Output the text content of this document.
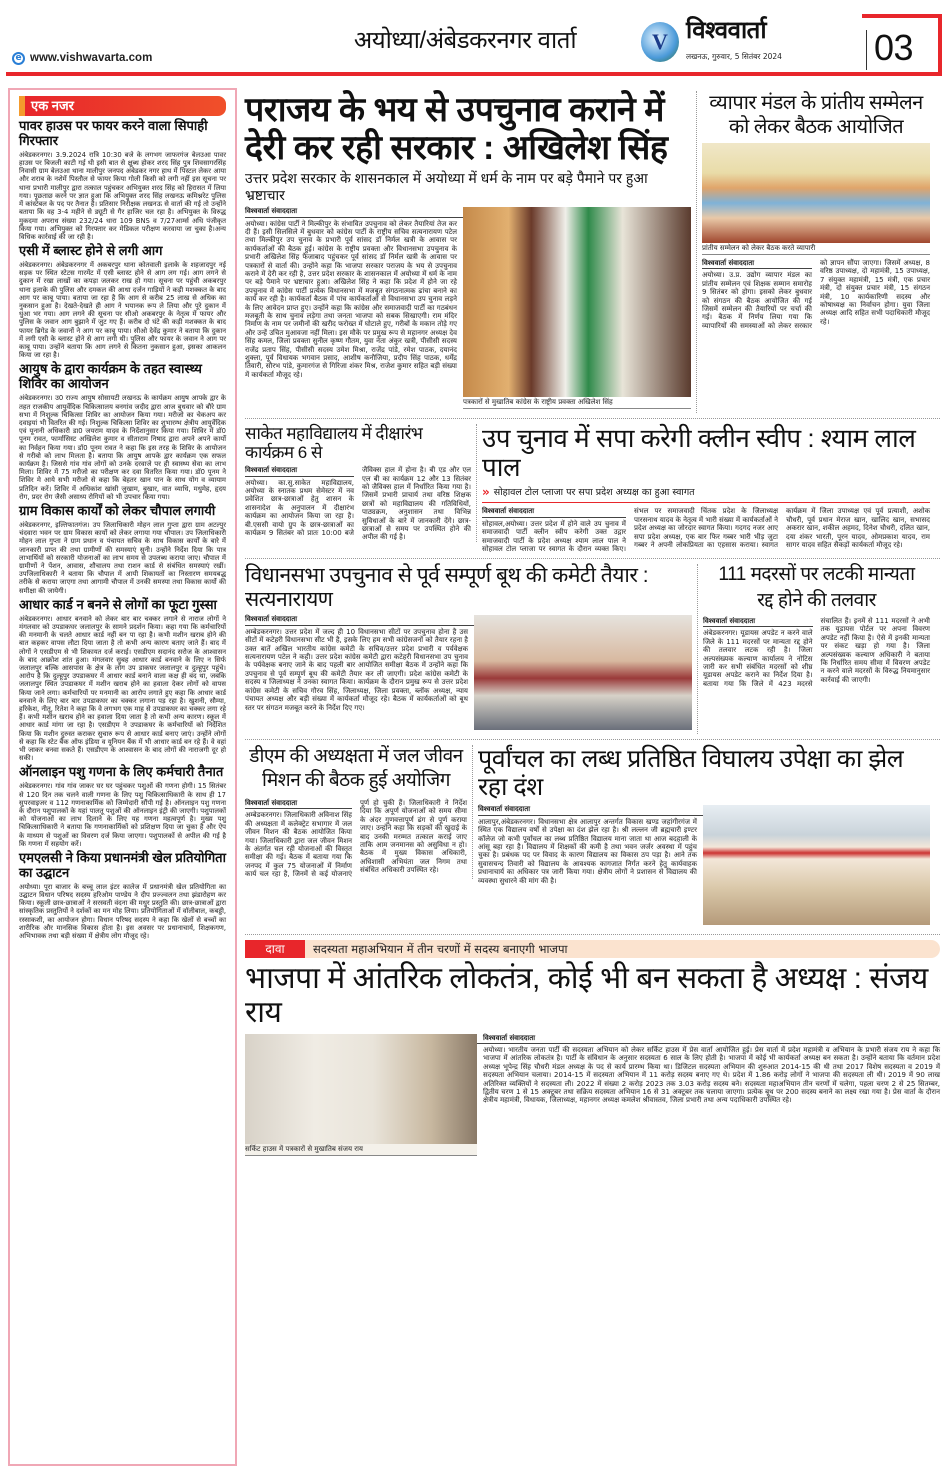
e www.vishwavarta.com
अयोध्या/अंबेडकरनगर वार्ता	V विश्ववार्ता
लखनऊ, गुरुवार, 5 सितंबर 2024	03
एक नजर
पावर हाउस पर फायर करने वाला सिपाही गिरफ्तार
अंबेडकरनगर। 3.9.2024 रात्रि 10:30 बजे के लगभग जाफरगंज बेलउआ पावर हाउस पर बिजली काटी गई थी इसी बात से क्षुब्ध होकर शरद सिंह पुत्र शिवसागरसिंह निवासी ग्राम बेलउआ थाना मालीपुर जनपद अंबेडकर नगर हाथ में पिस्टल लेकर आया और शराब के नशेमें पिस्तौल से फायर किया गोली किसी को लगी नहीं इस सूचना पर थाना प्रभारी मालीपुर द्वारा तत्काल पहुंचकर अभियुक्त शरद सिंह को हिरासत में लिया गया। पूछताछ करने पर ज्ञात हुआ कि अभियुक्त शरद सिंह लखनऊ कमिश्नरेट पुलिस में कांस्टेबल के पद पर तैनात है। प्रतिसार निरीक्षक लखनऊ से वार्ता की गई तो उन्होंने बताया कि वह 3-4 महीने से ड्यूटी से गैर हाजिर चल रहा है। अभियुक्त के विरुद्ध मुकदमा अपराध संख्या 232/24 धारा 109 BNS व 7/27आर्म्स अधि पंजीकृत किया गया। अभियुक्त को गिरफ्तार कर मेडिकल परीक्षण करवाया जा चुका है।अन्य विधिक कार्रवाई की जा रही है।
एसी में ब्लास्ट होने से लगी आग
अंबेडकरनगर। अंबेडकरनगर में अकबरपुर थाना कोतवाली इलाके के शहजादपुर नई सड़क पर स्थित स्टेटस गारमेंट में एसी ब्लास्ट होने से आग लग गई। आग लगने से दुकान में रखा लाखों का कपड़ा जलकर राख हो गया। सूचना पर पहुंची अकबरपुर थाना इलाके की पुलिस और दमकल की आधा दर्जन गाड़ियों ने कड़ी मशक्कत के बाद आग पर काबू पाया। बताया जा रहा है कि आग से करीब 25 लाख से अधिक का नुकसान हुआ है। देखते-देखते ही आग ने भयानक रूप ले लिया और पूरे दुकान में धुंआ भर गया। आग लगने की सूचना पर सीओ अकबरपुर के नेतृत्व में फायर और पुलिस के जवान आग बुझाने में जुट गए हैं। करीब दो घंटे की कड़ी मशक्कत के बाद फायर ब्रिगेड के जवानों ने आग पर काबू पाया। सीओ देवेंद्र कुमार ने बताया कि दुकान में लगी एसी के ब्लास्ट होने से आग लगी थी। पुलिस और फायर के जवान ने आग पर काबू पाया। उन्होंने बताया कि आग लगने से कितना नुकसान हुआ, इसका आकलन किया जा रहा है।
आयुष के द्वारा कार्यक्रम के तहत स्वास्थ्य शिविर का आयोजन
अंबेडकरनगर। उ0 राज्य आयुष सोसायटी लखनऊ के कार्यक्रम आयुष आपके द्वार के तहत राजकीय आयुर्वेदिक चिकित्सालय बनगांव जदीद द्वारा आज बुधवार को बौरे ग्राम सभा में निशुल्क चिकित्सा शिविर का आयोजन किया गया। मरीजो का चेकअप कर दवाइयां भी वितरित की गई। निशुल्क चिकित्सा शिविर का शुभारम्भ क्षेत्रीय आयुर्वेदिक एवं यूनानी अधिकारी डा0 जयराम यादव के निर्देशानुसार किया गया। शिविर में डॉ0 पूनम रावत, फार्मासिस्ट अखिलेश कुमार व सीताराम निषाद द्वारा अपने अपने कार्यो का निर्वहन किया गया। डॉ0 पूनम रावत ने कहा कि इस तरह के शिविर के आयोजन से गरीबो को लाभ मिलता है। बताया कि आयुष आपके द्वार कार्यक्रम एक सफल कार्यक्रम है। जिससे गांव गांव लोगों को उनके दरवाजे पर ही स्वास्थ्य सेवा का लाभ मिला। शिविर में 75 मरीजो का परीक्षण कर दवा वितरित किया गया। डॉ0 पूनम ने शिविर मे आये सभी मरीजो से कहा कि बेहतर खान पान के साथ योग व व्यायाम प्रतिदिन करें। शिविर में अधिकांश खांसी जुखाम, बुखार, वात व्याधि, मधुमेह, हृदय रोग, प्रदर रोग जैसी असाध्य रोगियों को भी उपचार किया गया।
ग्राम विकास कार्यों को लेकर चौपाल लगायी
अंबेडकरनगर, इल्तिफातगंज। उप जिलाधिकारी मोहन लाल गुप्ता द्वारा ग्राम अटल्पुर चंदवारा भवन पर ग्राम विकास कार्यो को लेकर लगाया गया चौपाल। उप जिलाधिकारी मोहन लाल गुप्ता ने ग्राम प्रधान व पंचायत सचिव के साथ विकास कार्यों के बारे में जानकारी प्राप्त की तथा ग्रामीणों की समस्याएं सुनी। उन्होंने निर्देश दिया कि पात्र लाभार्थियों को सरकारी योजनाओं का लाभ समय से उपलब्ध कराया जाए। चौपाल में ग्रामीणों ने पेंशन, आवास, शौचालय तथा राशन कार्ड से संबंधित समस्याएं रखीं। उपजिलाधिकारी ने बताया कि चौपाल में आयी शिकायतों का निस्तारण समयबद्ध तरीके से कराया जाएगा तथा आगामी चौपाल में उनकी समस्या तथा विकास कार्यो की समीक्षा की जायेगी।
आधार कार्ड न बनने से लोगों का फूटा गुस्सा
अंबेडकरनगर। आधार बनवाने को लेकर बार बार चक्कर लगाने से नाराज लोगों ने मंगलवार को उपडाकघर जलालपुर के सामने प्रदर्शन किया। कहा गया कि कर्मचारियों की मनमानी के चलते आधार कार्ड नहीं बन पा रहा है। कभी मशीन खराब होने की बात कहकर वापस लौटा दिया जाता है तो कभी अन्य कारण बताए जाते हैं। बाद में लोगों ने एसडीएम से भी शिकायत दर्ज कराई। एसडीएम सदानंद सरोज के आश्वासन के बाद आक्रोश शांत हुआ। मंगलवार सुबह आधार कार्ड बनवाने के लिए न सिर्फ जलालपुर बल्कि आसपास के क्षेत्र के लोग उप डाकघर जलालपुर व दुल्हूपुर पहुंचे। आरोप है कि दुल्हूपुर उपडाकघर में आधार कार्ड बनाने वाला कक्ष ही बंद था, जबकि जलालपुर स्थित उपडाकघर में मशीन खराब होने का हवाला देकर लोगों को वापस किया जाने लगा। कर्मचारियों पर मनमानी का आरोप लगाते हुए कहा कि आधार कार्ड बनवाने के लिए बार बार उपडाकघर का चक्कर लगाना पड़ रहा है। खुशनी, सौम्या, हरिकेश, नीतू, रितेश ने कहा कि वे लगभग एक माह से उपडाकघर का चक्कर लगा रहे हैं। कभी मशीन खराब होने का हवाला दिया जाता है तो कभी अन्य कारण। स्कूल में आधार कार्ड मांगा जा रहा है। एसडीएम ने उपडाकघर के कर्मचारियों को निर्देशित किया कि मशीन दुरुस्त कराकर सुचारु रूप से आधार कार्ड बनाए जाएं। उन्होंने लोगों से कहा कि स्टेट बैंक ऑफ इंडिया व यूनियन बैंक में भी आधार कार्ड बन रहे हैं। वे वहां भी जाकर बनवा सकते हैं। एसडीएम के आश्वासन के बाद लोगों की नाराजगी दूर हो सकी।
ऑनलाइन पशु गणना के लिए कर्मचारी तैनात
अंबेडकरनगर। गांव गांव जाकर घर घर पहुंचकर पशुओं की गणना होगी। 15 सितंबर से 120 दिन तक चलने वाली गणना के लिए पशु चिकित्साधिकारी के साथ ही 17 सुपरवाइजर व 112 गणनाकार्मिक को जिम्मेदारी सौंपी गई है। ऑनलाइन पशु गणना के दौरान पशुपालकों के यहां पालतू पशुओं की ऑनलाइन इंट्री की जाएगी। पशुपालकों को योजनाओं का लाभ दिलाने के लिए यह गणना महत्वपूर्ण है। मुख्य पशु चिकित्साधिकारी ने बताया कि गणनाकार्मिकों को प्रशिक्षण दिया जा चुका है और ऐप के माध्यम से पशुओं का विवरण दर्ज किया जाएगा। पशुपालकों से अपील की गई है कि गणना में सहयोग करें।
एमएलसी ने किया प्रधानमंत्री खेल प्रतियोगिता का उद्घाटन
अयोध्या। पूरा बाजार के बच्चू लाल इंटर कालेज में प्रधानमंत्री खेल प्रतियोगिता का उद्घाटन विधान परिषद सदस्य हरिओम पाण्डेय ने दीप प्रज्ज्वलन तथा झंडारोहण कर किया। स्कूली छात्र-छात्राओं ने सरस्वती वंदना की मधुर प्रस्तुति की। छात्र-छात्राओं द्वारा सांस्कृतिक प्रस्तुतियों ने दर्शकों का मन मोह लिया। प्रतियोगिताओं में वॉलीबाल, कबड्डी, रस्साकशी, का आयोजन होगा। विधान परिषद सदस्य ने कहा कि खेलों से बच्चों का शारीरिक और मानसिक विकास होता है। इस अवसर पर प्रधानाचार्य, शिक्षकगण, अभिभावक तथा बड़ी संख्या में क्षेत्रीय लोग मौजूद रहे।
पराजय के भय से उपचुनाव कराने में
देरी कर रही सरकार : अखिलेश सिंह
उत्तर प्रदेश सरकार के शासनकाल में अयोध्या में धर्म के नाम पर बड़े पैमाने पर हुआ भ्रष्टाचार
पत्रकारों से मुखातिब कांग्रेस के राष्ट्रीय प्रवक्ता अखिलेश सिंह
विश्ववार्ता संवाददाता
अयोध्या। कांग्रेस पार्टी ने मिल्कीपुर के संभावित उपचुनाव को लेकर तैयारियां तेज कर दी हैं। इसी सिलसिले में बुधवार को कांग्रेस पार्टी के राष्ट्रीय सचिव सत्यनारायण पटेल तथा मिल्कीपुर उप चुनाव के प्रभारी पूर्व सांसद डॉ निर्मल खत्री के आवास पर कार्यकर्ताओं की बैठक हुई। कांग्रेस के राष्ट्रीय प्रवक्ता और विधानसभा उपचुनाव के प्रभारी अखिलेश सिंह फैजाबाद पहुंचकर पूर्व सांसद डॉ निर्मल खत्री के आवास पर पत्रकारों से वार्ता की। उन्होंने कहा कि भाजपा सरकार पराजय के भय से उपचुनाव कराने में देरी कर रही है, उत्तर प्रदेश सरकार के शासनकाल में अयोध्या में धर्म के नाम पर बड़े पैमाने पर भ्रष्टाचार हुआ। अखिलेश सिंह ने कहा कि प्रदेश में होने जा रहे उपचुनाव में कांग्रेस पार्टी प्रत्येक विधानसभा में मजबूत संगठनात्मक ढांचा बनाने का कार्य कर रही है। कार्यकर्ता बैठक में पांच कार्यकर्ताओं से विधानसभा उप चुनाव लड़ने के लिए आवेदन प्राप्त हुए। उन्होंने कहा कि कांग्रेस और समाजवादी पार्टी का गठबंधन मजबूती के साथ चुनाव लड़ेगा तथा जनता भाजपा को सबक सिखाएगी। राम मंदिर निर्माण के नाम पर जमीनों की खरीद फरोख्त में घोटाले हुए, गरीबों के मकान तोड़े गए और उन्हें उचित मुआवजा नहीं मिला। इस मौके पर प्रमुख रूप से महानगर अध्यक्ष देव सिंह कमल, जिला प्रवक्ता सुनील कृष्ण गौतम, युवा नेता अंकुर खत्री, पीसीसी सदस्य राजेंद्र प्रताप सिंह, पीसीसी सदस्य उमेश मिश्रा, राजेंद्र पांडे, रमेश पाठक, दयानंद शुक्ला, पूर्व विधायक भगवान प्रसाद, आशीष कनौजिया, प्रदीप सिंह पाठक, धर्मेंद्र तिवारी, सौरभ पांडे, कुमारगंज से गिरिजा शंकर मिश्र, राजेश कुमार सहित बड़ी संख्या में कार्यकर्ता मौजूद रहे।
व्यापार मंडल के प्रांतीय सम्मेलन को लेकर बैठक आयोजित
प्रांतीय सम्मेलन को लेकर बैठक करते व्यापारी
विश्ववार्ता संवाददाता
अयोध्या। उ.प्र. उद्योग व्यापार मंडल का प्रांतीय सम्मेलन एवं शिक्षक सम्मान समारोह 9 सितंबर को होगा। इसको लेकर बुधवार को संगठन की बैठक आयोजित की गई जिसमें सम्मेलन की तैयारियों पर चर्चा की गई। बैठक में निर्णय लिया गया कि व्यापारियों की समस्याओं को लेकर सरकार को ज्ञापन सौंपा जाएगा। जिसमें अध्यक्ष, 8 वरिष्ठ उपाध्यक्ष, दो महामंत्री, 15 उपाध्यक्ष, 7 संयुक्त महामंत्री, 15 मंत्री, एक प्रचार मंत्री, दो संयुक्त प्रचार मंत्री, 15 संगठन मंत्री, 10 कार्यकारिणी सदस्य और कोषाध्यक्ष का निर्वाचन होगा। युवा जिला अध्यक्ष आदि सहित सभी पदाधिकारी मौजूद रहे।
साकेत महाविद्यालय में दीक्षारंभ कार्यक्रम 6 से
विश्ववार्ता संवाददाता
अयोध्या। का.सु.साकेत महाविद्यालय, अयोध्या के स्नातक प्रथम सेमेस्टर में नव प्रवेशित छात्र-छात्राओं हेतु शासन के शासनादेश के अनुपालन में दीक्षारंभ कार्यक्रम का आयोजन किया जा रहा है। बी.एससी वायो ग्रुप के छात्र-छात्राओं का कार्यक्रम 9 सितंबर को प्रातः 10:00 बजे जैविक्स हाल में होना है। बी एड और एल एल बी का कार्यक्रम 12 और 13 सितंबर को जैविक्स हाल में निर्धारित किया गया है। जिसमें प्रभारी प्राचार्य तथा वरिष्ठ शिक्षक छात्रों को महाविद्यालय की गतिविधियों, पाठ्यक्रम, अनुशासन तथा विभिन्न सुविधाओं के बारे में जानकारी देंगे। छात्र-छात्राओं से समय पर उपस्थित होने की अपील की गई है।
उप चुनाव में सपा करेगी क्लीन स्वीप : श्याम लाल पाल
» सोहावल टोल प्लाजा पर सपा प्रदेश अध्यक्ष का हुआ स्वागत
विश्ववार्ता संवाददाता
सोहावल,अयोध्या। उत्तर प्रदेश में होने वाले उप चुनाव में समाजवादी पार्टी क्लीन स्वीप करेगी उक्त उद्गार समाजवादी पार्टी के प्रदेश अध्यक्ष श्याम लाल पाल ने सोहावल टोल प्लाजा पर स्वागत के दौरान व्यक्त किए। संभल पर समाजवादी चिंतक प्रदेश के जिलाध्यक्ष पारसनाथ यादव के नेतृत्व में भारी संख्या में कार्यकर्ताओं ने प्रदेश अध्यक्ष का जोरदार स्वागत किया। गदगद नजर आए सपा प्रदेश अध्यक्ष, एक बार फिर गब्बर भारी भीड़ जुटा गब्बर ने अपनी लोकप्रियता का एहसास कराया। स्वागत कार्यक्रम में जिला उपाध्यक्ष एवं पूर्व प्रत्याशी, अशोक चौधरी, पूर्व प्रधान मेराज खान, खालिद खान, सभासद अकरार खान, शकील अहमद, दिनेश चौधरी, दलित खान, दया शंकर भारती, पूरन यादव, ओमप्रकाश यादव, राम सागर यादव सहित सैकड़ों कार्यकर्ता मौजूद रहे।
विधानसभा उपचुनाव से पूर्व सम्पूर्ण बूथ की कमेटी तैयार : सत्यनारायण
विश्ववार्ता संवाददाता
अम्बेडकरनगर। उत्तर प्रदेश में जल्द ही 10 विधानसभा सीटों पर उपचुनाव होना है उस सीटों में कटेहरी विधानसभा सीट भी है, इसके लिए हम सभी कांग्रेसजनों को तैयार रहना है उक्त बातें अखिल भारतीय कांग्रेस कमेटी के सचिव/उत्तर प्रदेश प्रभारी व पर्यवेक्षक सत्यनारायण पटेल ने कही। उत्तर प्रदेश कांग्रेस कमेटी द्वारा कटेहरी विधानसभा उप चुनाव के पर्यवेक्षक बनाए जाने के बाद पहली बार आयोजित समीक्षा बैठक में उन्होंने कहा कि उपचुनाव से पूर्व सम्पूर्ण बूथ की कमेटी तैयार कर ली जाएगी। प्रदेश कांग्रेस कमेटी के सदस्य व जिलाध्यक्ष ने उनका स्वागत किया। कार्यक्रम के दौरान प्रमुख रूप से उत्तर प्रदेश कांग्रेस कमेटी के सचिव गौरव सिंह, जिलाध्यक्ष, जिला प्रवक्ता, ब्लॉक अध्यक्ष, न्याय पंचायत अध्यक्ष और बड़ी संख्या में कार्यकर्ता मौजूद रहे। बैठक में कार्यकर्ताओं को बूथ स्तर पर संगठन मजबूत करने के निर्देश दिए गए।
111 मदरसों पर लटकी मान्यता
रद्द होने की तलवार
विश्ववार्ता संवाददाता
अंबेडकरनगर। यूडायस अपडेट न करने वाले जिले के 111 मदरसों पर मान्यता रद्द होने की तलवार लटक रही है। जिला अल्पसंख्यक कल्याण कार्यालय ने नोटिस जारी कर सभी संबंधित मदरसों को शीघ्र यूडायस अपडेट कराने का निर्देश दिया है। बताया गया कि जिले में 423 मदरसे संचालित हैं। इनमें से 111 मदरसों ने अभी तक यूडायस पोर्टल पर अपना विवरण अपडेट नहीं किया है। ऐसे में इनकी मान्यता पर संकट खड़ा हो गया है। जिला अल्पसंख्यक कल्याण अधिकारी ने बताया कि निर्धारित समय सीमा में विवरण अपडेट न करने वाले मदरसों के विरुद्ध नियमानुसार कार्रवाई की जाएगी।
डीएम की अध्यक्षता में जल जीवन मिशन की बैठक हुई अयोजिग
विश्ववार्ता संवाददाता
अम्बेडकरनगर। जिलाधिकारी अविनाश सिंह की अध्यक्षता में कलेक्ट्रेट सभागार में जल जीवन मिशन की बैठक आयोजित किया गया। जिलाधिकारी द्वारा जल जीवन मिशन के अंतर्गत चल रही योजनाओं की विस्तृत समीक्षा की गई। बैठक में बताया गया कि जनपद में कुल 75 योजनाओं में निर्माण कार्य चल रहा है, जिनमें से कई योजनाएं पूर्ण हो चुकी हैं। जिलाधिकारी ने निर्देश दिया कि अपूर्ण योजनाओं को समय सीमा के अंदर गुणवत्तापूर्ण ढंग से पूर्ण कराया जाए। उन्होंने कहा कि सड़कों की खुदाई के बाद उनकी मरम्मत तत्काल कराई जाए ताकि आम जनमानस को असुविधा न हो। बैठक में मुख्य विकास अधिकारी, अधिशासी अभियंता जल निगम तथा संबंधित अधिकारी उपस्थित रहे।
पूर्वांचल का लब्ध प्रतिष्ठित विघालय उपेक्षा का झेल रहा दंश
विश्ववार्ता संवाददाता
आलापुर,अंबेडकरनगर। विधानसभा क्षेत्र आलापुर अन्तर्गत विकास खण्ड जहांगीरगंज में स्थित एक विद्यालय वर्षों से उपेक्षा का दंश झेल रहा है। श्री लल्लन जी ब्रह्मचारी इण्टर कॉलेज जो कभी पूर्वांचल का लब्ध प्रतिष्ठित विद्यालय माना जाता था आज बदहाली के आंसू बहा रहा है। विद्यालय में शिक्षकों की कमी है तथा भवन जर्जर अवस्था में पहुंच चुका है। प्रबंधक पद पर विवाद के कारण विद्यालय का विकास ठप पड़ा है। आने तक सुवासचन्द तिवारी को विद्यालय के आवश्यक कागजात निर्गत करने हेतु कार्यवाहक प्रधानाचार्य का अधिकार पत्र जारी किया गया। क्षेत्रीय लोगों ने प्रशासन से विद्यालय की व्यवस्था सुधारने की मांग की है।
दावा	सदस्यता महाअभियान में तीन चरणों में सदस्य बनाएगी भाजपा
भाजपा में आंतरिक लोकतंत्र, कोई भी बन सकता है अध्यक्ष : संजय राय
सर्किट हाउस में पत्रकारों से मुखातिब संजय राय
विश्ववार्ता संवाददाता
अयोध्या। भारतीय जनता पार्टी की सदस्यता अभियान को लेकर सर्किट हाउस में प्रेस वार्ता आयोजित हुई। प्रेस वार्ता में प्रदेश महामंत्री व अभियान के प्रभारी संजय राय ने कहा कि भाजपा में आंतरिक लोकतंत्र है। पार्टी के संविधान के अनुसार सदस्यता 6 साल के लिए होती है। भाजपा में कोई भी कार्यकर्ता अध्यक्ष बन सकता है। उन्होंने बताया कि वर्तमान प्रदेश अध्यक्ष भूपेन्द्र सिंह चौधरी मंडल अध्यक्ष के पद से कार्य प्रारम्भ किया था। डिजिटल सदस्यता अभियान की शुरुआत 2014-15 की थी तथा 2017 विशेष सदस्यता व 2019 में सदस्यता अभियान चलाया। 2014-15 में सदस्यता अभियान में 11 करोड़ सदस्य बनाए गए थे। प्रदेश में 1.86 करोड़ लोगों ने भाजपा की सदस्यता ली थी। 2019 में 90 लाख अतिरिक्त व्यक्तियों ने सदस्यता ली। 2022 में संख्या 2 करोड़ 2023 तक 3.03 करोड़ सदस्य बने। सदस्यता महाअभियान तीन चरणों में चलेगा, पहला चरण 2 से 25 सितम्बर, द्वितीय चरण 1 से 15 अक्टूबर तथा सक्रिय सदस्यता अभियान 16 से 31 अक्टूबर तक चलाया जाएगा। प्रत्येक बूथ पर 200 सदस्य बनाने का लक्ष्य रखा गया है। प्रेस वार्ता के दौरान क्षेत्रीय महामंत्री, विधायक, जिलाध्यक्ष, महानगर अध्यक्ष कमलेश श्रीवास्तव, जिला प्रभारी तथा अन्य पदाधिकारी उपस्थित रहे।
